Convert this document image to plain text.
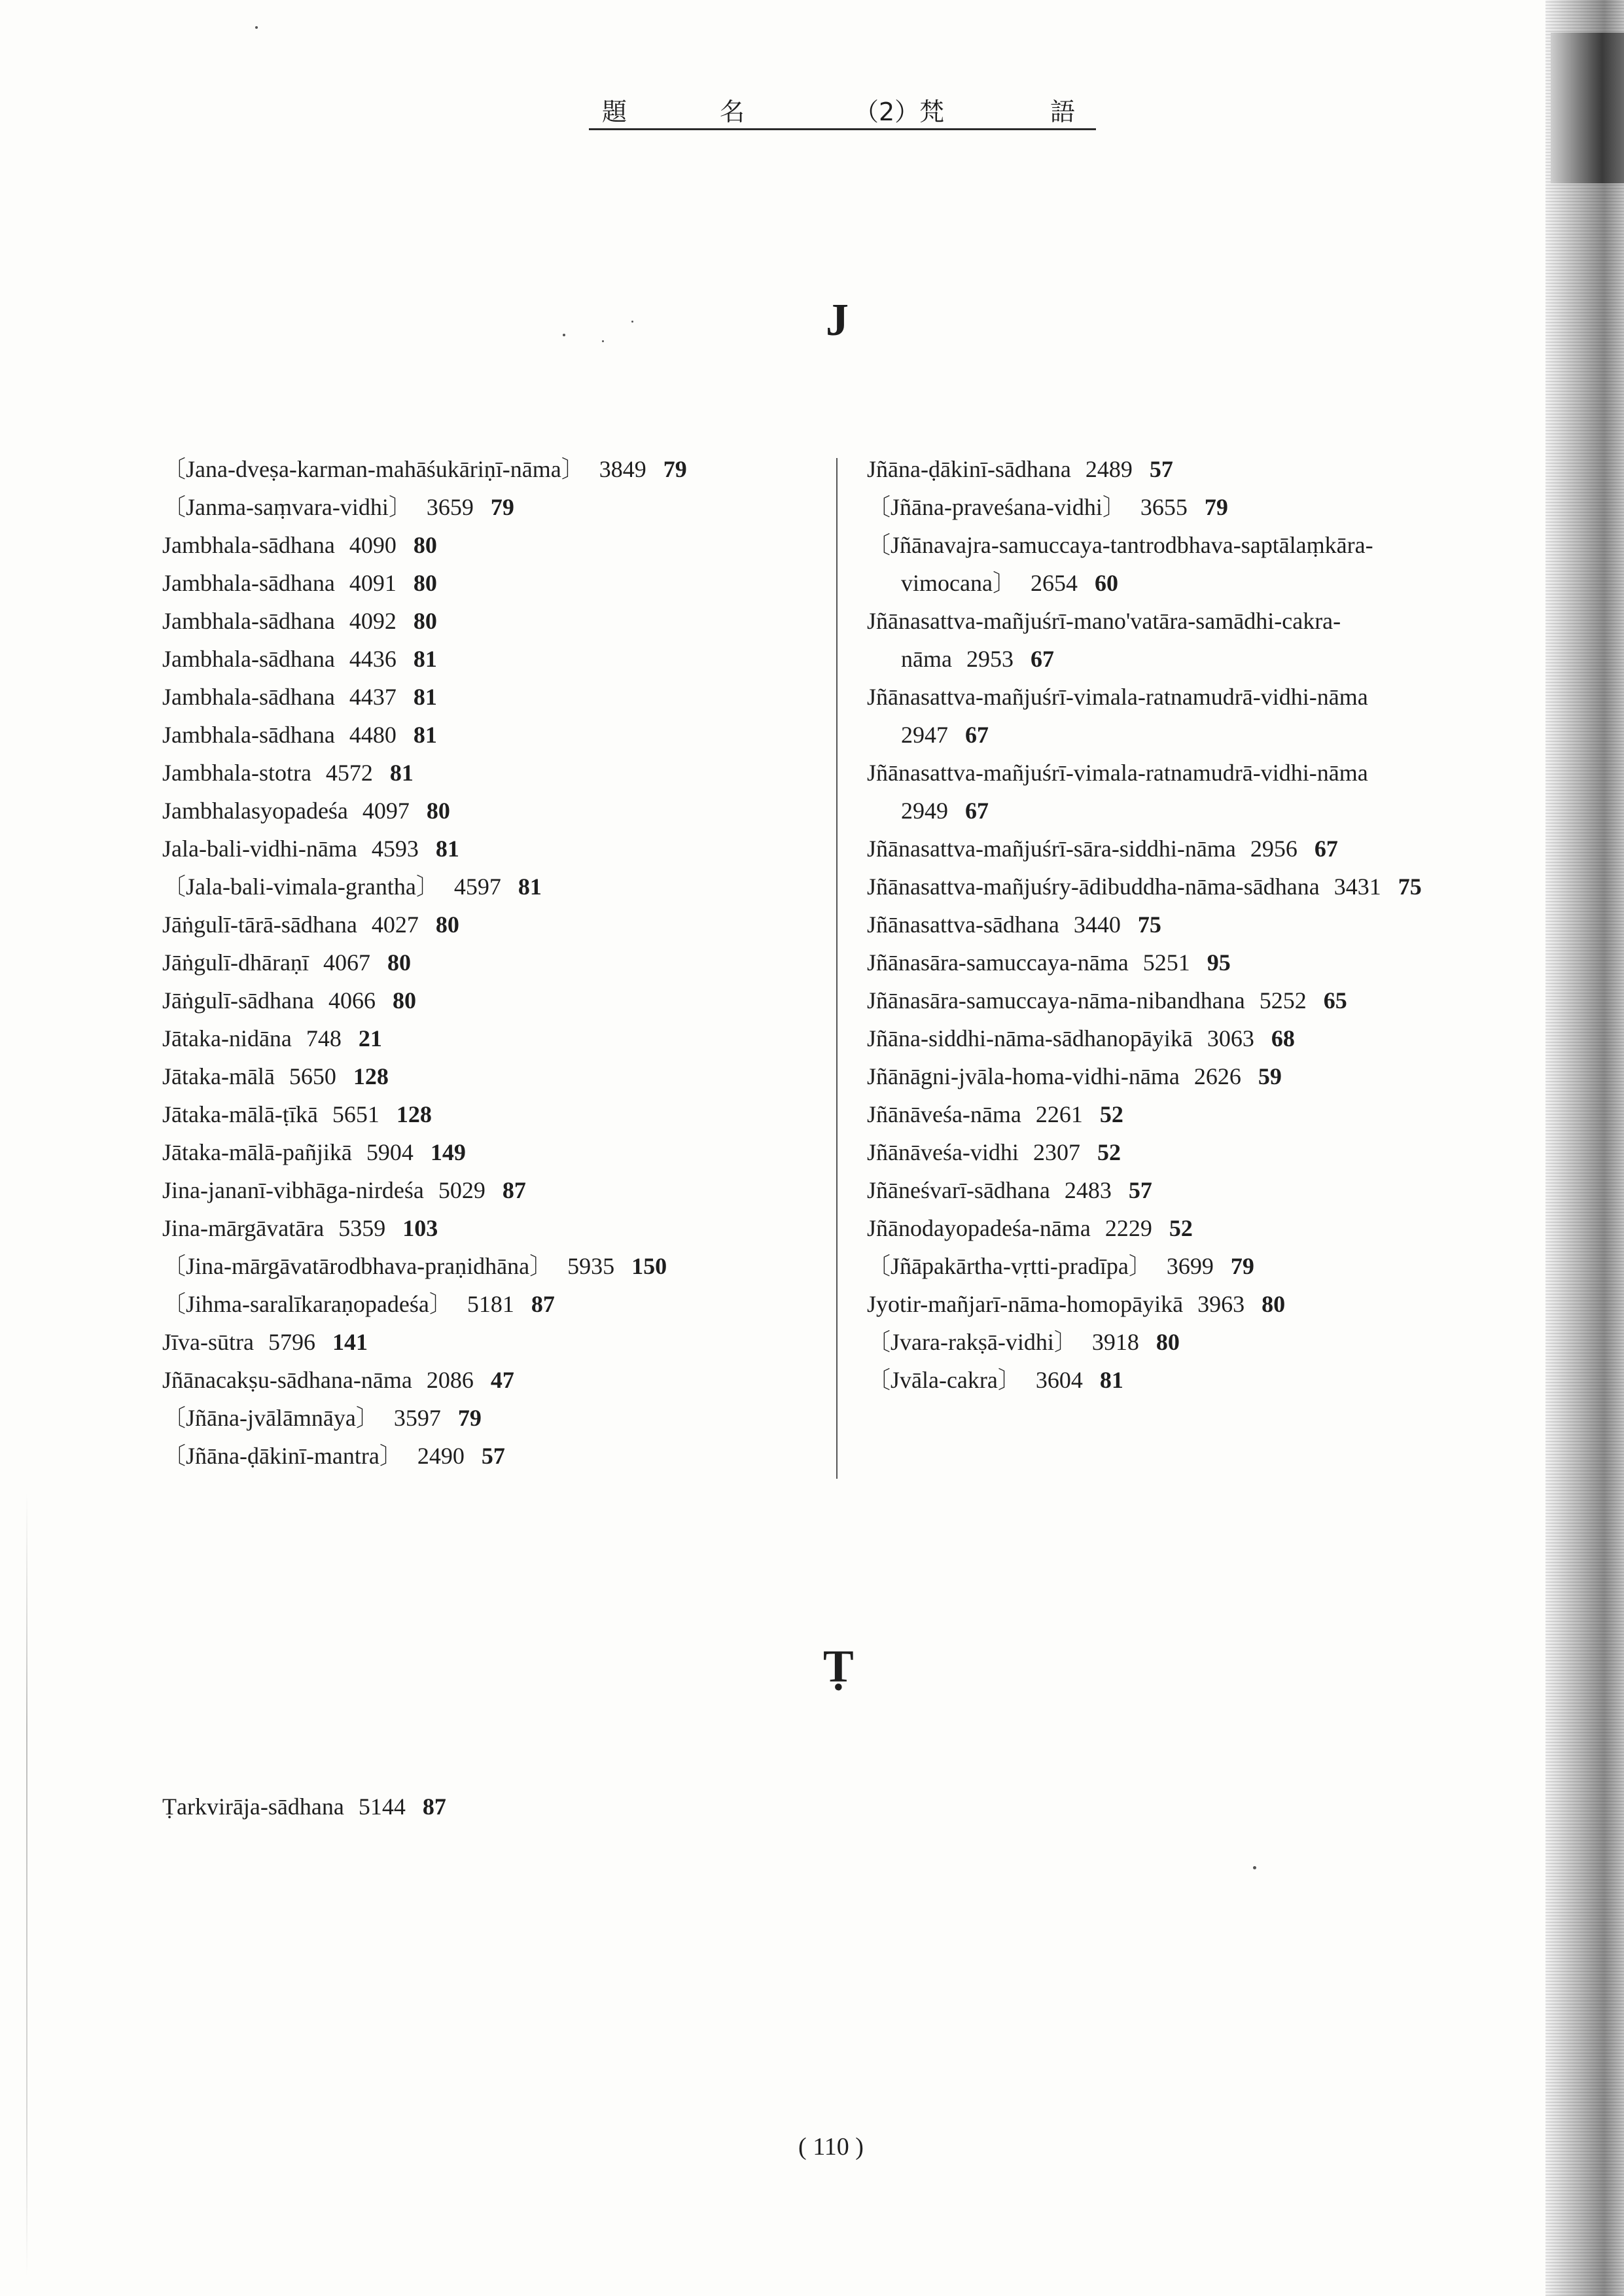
題	名	（2）梵	語
J
〔Jana-dveṣa-karman-mahāśukāriṇī-nāma〕 3849 79
〔Janma-saṃvara-vidhi〕 3659 79
Jambhala-sādhana 4090 80
Jambhala-sādhana 4091 80
Jambhala-sādhana 4092 80
Jambhala-sādhana 4436 81
Jambhala-sādhana 4437 81
Jambhala-sādhana 4480 81
Jambhala-stotra 4572 81
Jambhalasyopadeśa 4097 80
Jala-bali-vidhi-nāma 4593 81
〔Jala-bali-vimala-grantha〕 4597 81
Jāṅgulī-tārā-sādhana 4027 80
Jāṅgulī-dhāraṇī 4067 80
Jāṅgulī-sādhana 4066 80
Jātaka-nidāna 748 21
Jātaka-mālā 5650 128
Jātaka-mālā-ṭīkā 5651 128
Jātaka-mālā-pañjikā 5904 149
Jina-jananī-vibhāga-nirdeśa 5029 87
Jina-mārgāvatāra 5359 103
〔Jina-mārgāvatārodbhava-praṇidhāna〕 5935 150
〔Jihma-saralīkaraṇopadeśa〕 5181 87
Jīva-sūtra 5796 141
Jñānacakṣu-sādhana-nāma 2086 47
〔Jñāna-jvālāmnāya〕 3597 79
〔Jñāna-ḍākinī-mantra〕 2490 57
Jñāna-ḍākinī-sādhana 2489 57
〔Jñāna-praveśana-vidhi〕 3655 79
〔Jñānavajra-samuccaya-tantrodbhava-saptālaṃkāra-
vimocana〕 2654 60
Jñānasattva-mañjuśrī-mano'vatāra-samādhi-cakra-
nāma 2953 67
Jñānasattva-mañjuśrī-vimala-ratnamudrā-vidhi-nāma
2947 67
Jñānasattva-mañjuśrī-vimala-ratnamudrā-vidhi-nāma
2949 67
Jñānasattva-mañjuśrī-sāra-siddhi-nāma 2956 67
Jñānasattva-mañjuśry-ādibuddha-nāma-sādhana 3431 75
Jñānasattva-sādhana 3440 75
Jñānasāra-samuccaya-nāma 5251 95
Jñānasāra-samuccaya-nāma-nibandhana 5252 65
Jñāna-siddhi-nāma-sādhanopāyikā 3063 68
Jñānāgni-jvāla-homa-vidhi-nāma 2626 59
Jñānāveśa-nāma 2261 52
Jñānāveśa-vidhi 2307 52
Jñāneśvarī-sādhana 2483 57
Jñānodayopadeśa-nāma 2229 52
〔Jñāpakārtha-vṛtti-pradīpa〕 3699 79
Jyotir-mañjarī-nāma-homopāyikā 3963 80
〔Jvara-rakṣā-vidhi〕 3918 80
〔Jvāla-cakra〕 3604 81
Ṭ
Ṭarkvirāja-sādhana 5144 87
( 110 )
